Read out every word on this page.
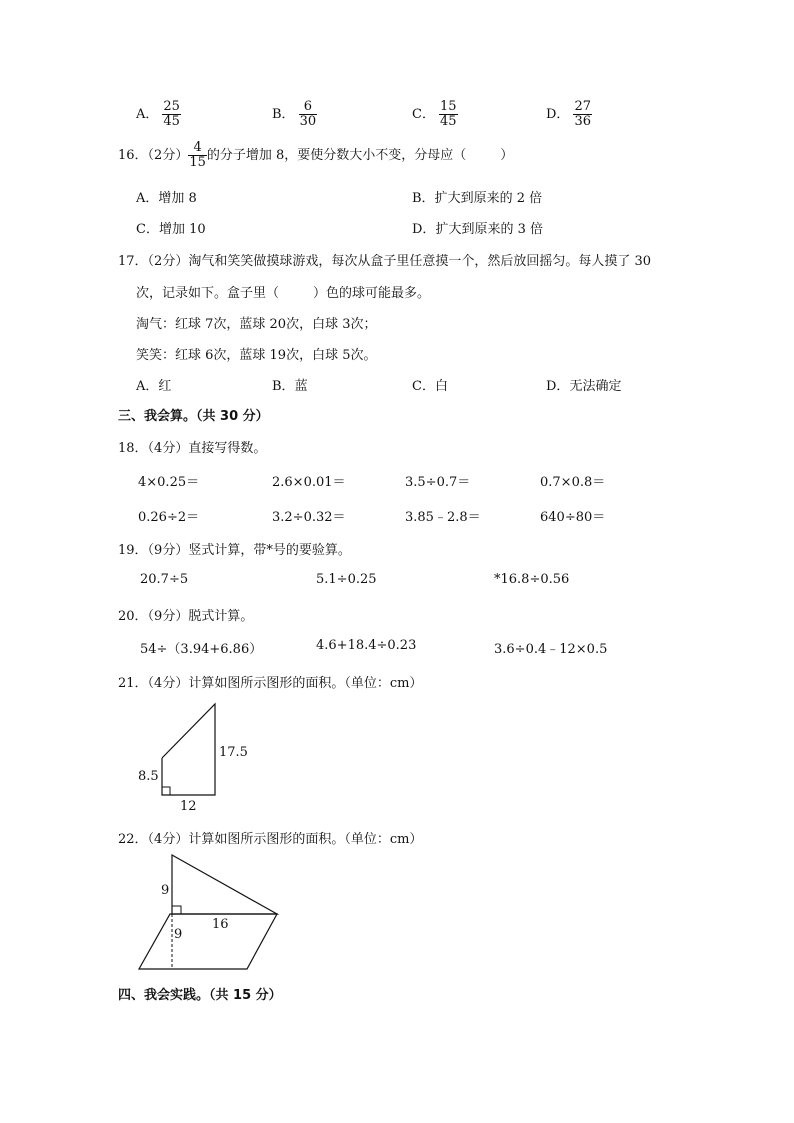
A． $\frac{25}{45}$	B． $\frac{6}{30}$	C． $\frac{15}{45}$	D． $\frac{27}{36}$
16．（2分） $\frac{4}{15}$ 的分子增加 8，要使分数大小不变，分母应（	）
A．增加 8	B．扩大到原来的 2 倍
C．增加 10	D．扩大到原来的 3 倍
17．（2分）淘气和笑笑做摸球游戏，每次从盒子里任意摸一个，然后放回摇匀。每人摸了 30
次，记录如下。盒子里（	）色的球可能最多。
淘气：红球 7次，蓝球 20次，白球 3次；
笑笑：红球 6次，蓝球 19次，白球 5次。
A．红	B．蓝	C．白	D．无法确定
三、我会算。（共 30 分）
18．（4分）直接写得数。
4×0.25＝	2.6×0.01＝	3.5÷0.7＝	0.7×0.8＝
0.26÷2＝	3.2÷0.32＝	3.85﹣2.8＝	640÷80＝
19．（9分）竖式计算，带*号的要验算。
20.7÷5	5.1÷0.25	*16.8÷0.56
20．（9分）脱式计算。
54÷（3.94+6.86）	4.6+18.4÷0.23	3.6÷0.4﹣12×0.5
21．（4分）计算如图所示图形的面积。（单位：cm）
8.5
17.5
12
22．（4分）计算如图所示图形的面积。（单位：cm）
9
9
16
四、我会实践。（共 15 分）
